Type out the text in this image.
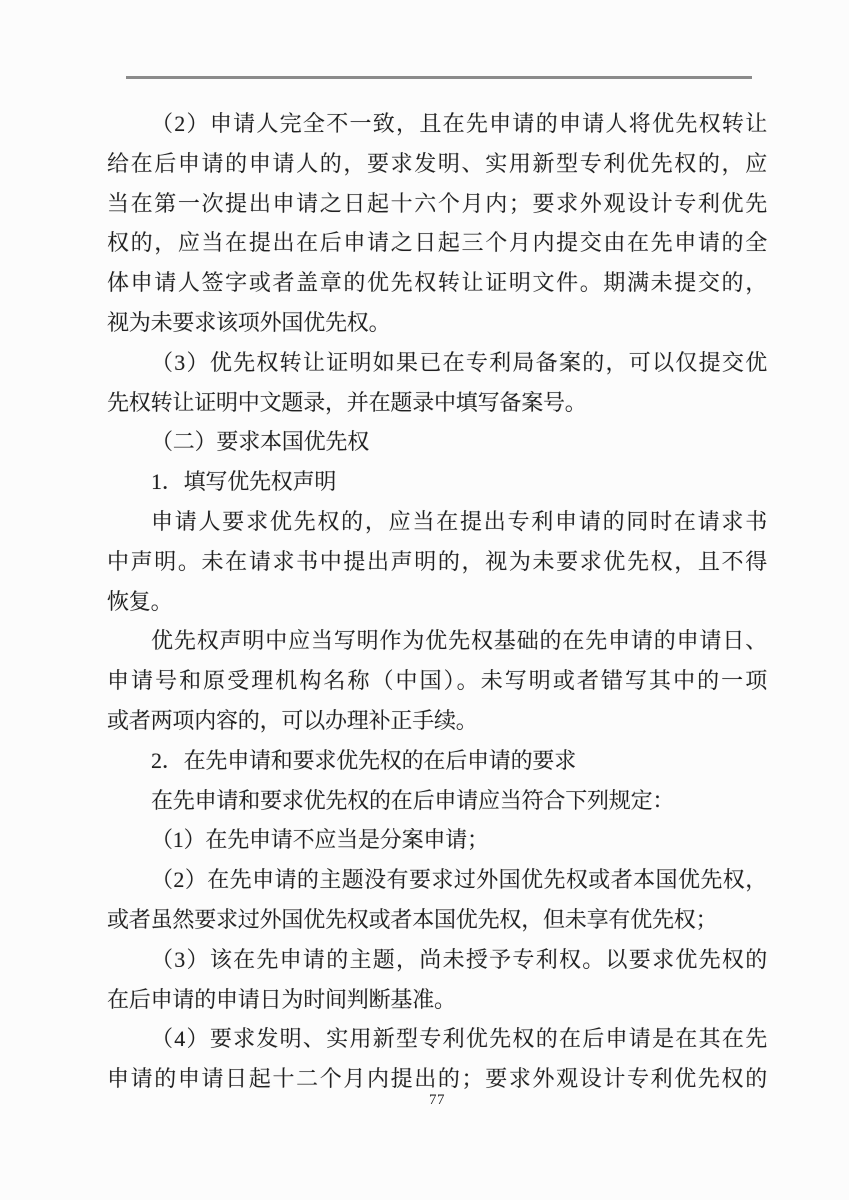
（2）申请人完全不一致，且在先申请的申请人将优先权转让
给在后申请的申请人的，要求发明、实用新型专利优先权的，应
当在第一次提出申请之日起十六个月内；要求外观设计专利优先
权的，应当在提出在后申请之日起三个月内提交由在先申请的全
体申请人签字或者盖章的优先权转让证明文件。期满未提交的，
视为未要求该项外国优先权。
（3）优先权转让证明如果已在专利局备案的，可以仅提交优
先权转让证明中文题录，并在题录中填写备案号。
（二）要求本国优先权
1．填写优先权声明
申请人要求优先权的，应当在提出专利申请的同时在请求书
中声明。未在请求书中提出声明的，视为未要求优先权，且不得
恢复。
优先权声明中应当写明作为优先权基础的在先申请的申请日、
申请号和原受理机构名称（中国）。未写明或者错写其中的一项
或者两项内容的，可以办理补正手续。
2．在先申请和要求优先权的在后申请的要求
在先申请和要求优先权的在后申请应当符合下列规定：
（1）在先申请不应当是分案申请；
（2）在先申请的主题没有要求过外国优先权或者本国优先权，
或者虽然要求过外国优先权或者本国优先权，但未享有优先权；
（3）该在先申请的主题，尚未授予专利权。以要求优先权的
在后申请的申请日为时间判断基准。
（4）要求发明、实用新型专利优先权的在后申请是在其在先
申请的申请日起十二个月内提出的；要求外观设计专利优先权的
77
